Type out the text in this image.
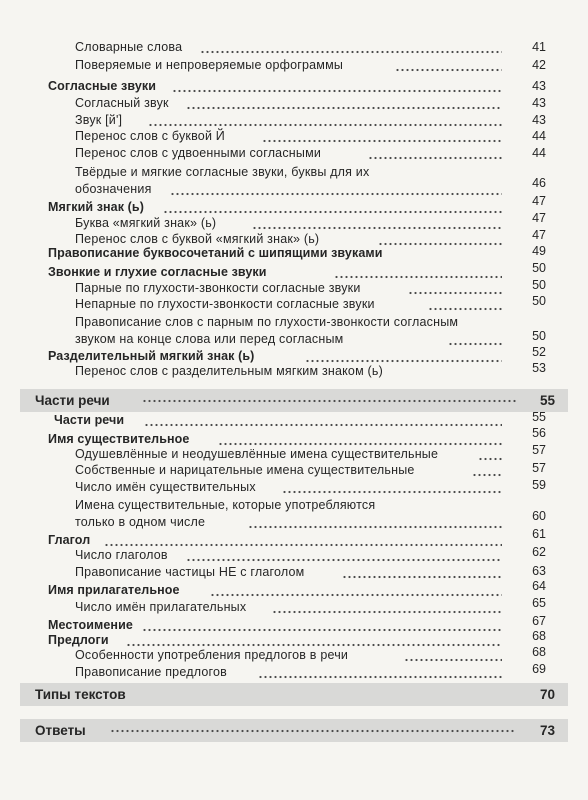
Словарные слова	41
Поверяемые и непроверяемые орфограммы	42
Согласные звуки	43
Согласный звук	43
Звук [й']	43
Перенос слов с буквой Й	44
Перенос слов с удвоенными согласными	44
Твёрдые и мягкие согласные звуки, буквы для их
обозначения	46
Мягкий знак (ь)	47
Буква «мягкий знак» (ь)	47
Перенос слов с буквой «мягкий знак» (ь)	47
Правописание буквосочетаний с шипящими звуками	49
Звонкие и глухие согласные звуки	50
Парные по глухости-звонкости согласные звуки	50
Непарные по глухости-звонкости согласные звуки	50
Правописание слов с парным по глухости-звонкости согласным
звуком на конце слова или перед согласным	50
Разделительный мягкий знак (ь)	52
Перенос слов с разделительным мягким знаком (ь)	53
Части речи	55
Части речи	55
Имя существительное	56
Одушевлённые и неодушевлённые имена существительные	57
Собственные и нарицательные имена существительные	57
Число имён существительных	59
Имена существительные, которые употребляются
только в одном числе	60
Глагол	61
Число глаголов	62
Правописание частицы НЕ с глаголом	63
Имя прилагательное	64
Число имён прилагательных	65
Местоимение	67
Предлоги	68
Особенности употребления предлогов в речи	68
Правописание предлогов	69
Типы текстов	70
Ответы	73
